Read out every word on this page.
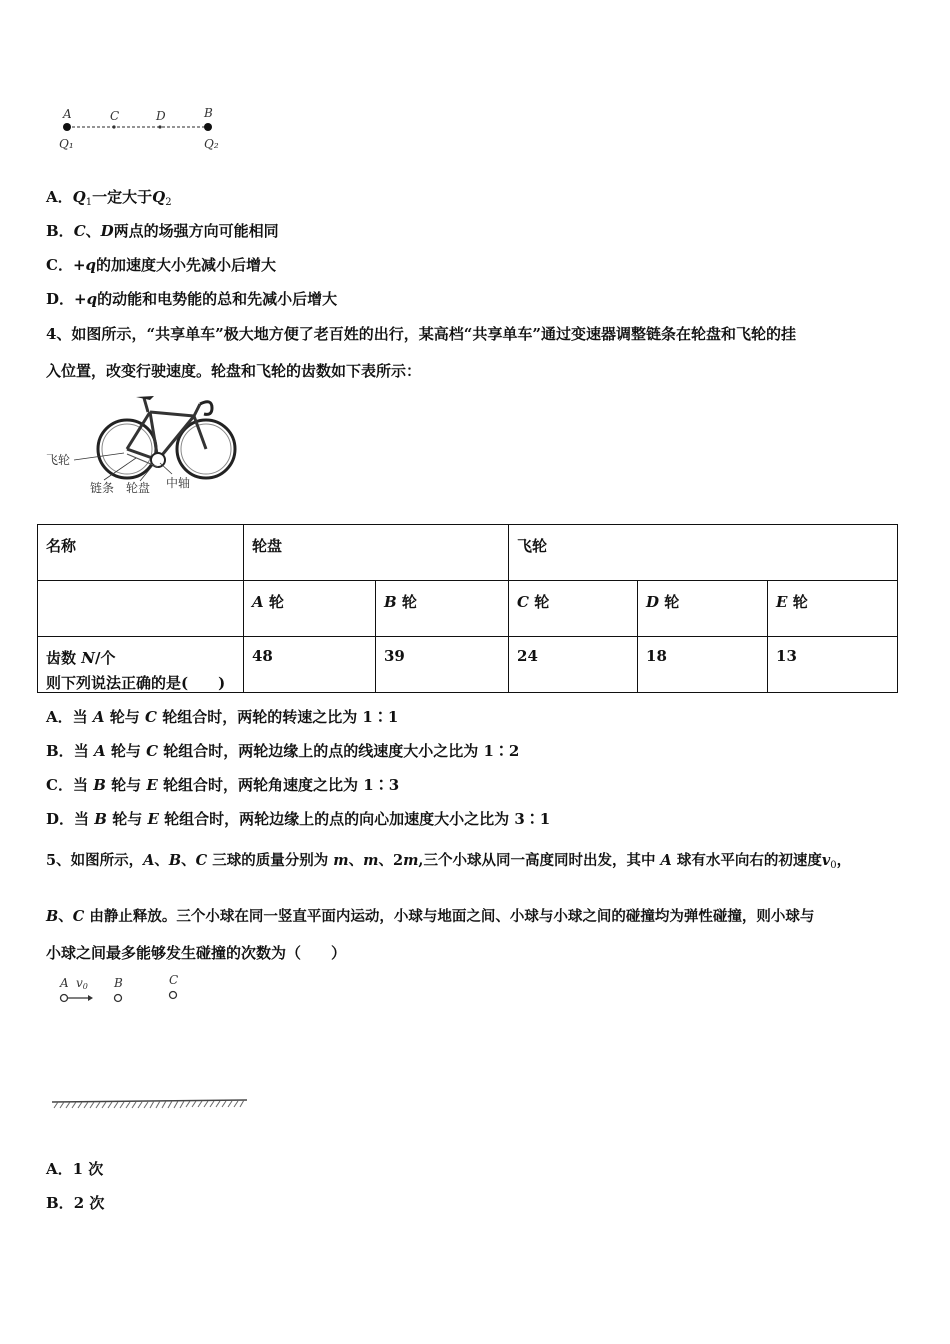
A	C	D	B
Q₁	Q₂
A．$Q_1$一定大于$Q_2$
B．C、D两点的场强方向可能相同
C．+q的加速度大小先减小后增大
D．+q的动能和电势能的总和先减小后增大
4、如图所示，“共享单车”极大地方便了老百姓的出行，某高档“共享单车”通过变速器调整链条在轮盘和飞轮的挂
入位置，改变行驶速度。轮盘和飞轮的齿数如下表所示：
飞轮
链条 轮盘 中轴
名称	轮盘		飞轮		
	A 轮	B 轮	C 轮	D 轮	E 轮
齿数 N/个	48	39	24	18	13
则下列说法正确的是(　　)
A．当 A 轮与 C 轮组合时，两轮的转速之比为 1∶1
B．当 A 轮与 C 轮组合时，两轮边缘上的点的线速度大小之比为 1∶2
C．当 B 轮与 E 轮组合时，两轮角速度之比为 1∶3
D．当 B 轮与 E 轮组合时，两轮边缘上的点的向心加速度大小之比为 3∶1
5、如图所示，A、B、C 三球的质量分别为 m、m、2m,三个小球从同一高度同时出发，其中 A 球有水平向右的初速度$v_0$，
B、C 由静止释放。三个小球在同一竖直平面内运动，小球与地面之间、小球与小球之间的碰撞均为弹性碰撞，则小球与
小球之间最多能够发生碰撞的次数为（　　）
A v0 B	C
A．1 次
B．2 次
